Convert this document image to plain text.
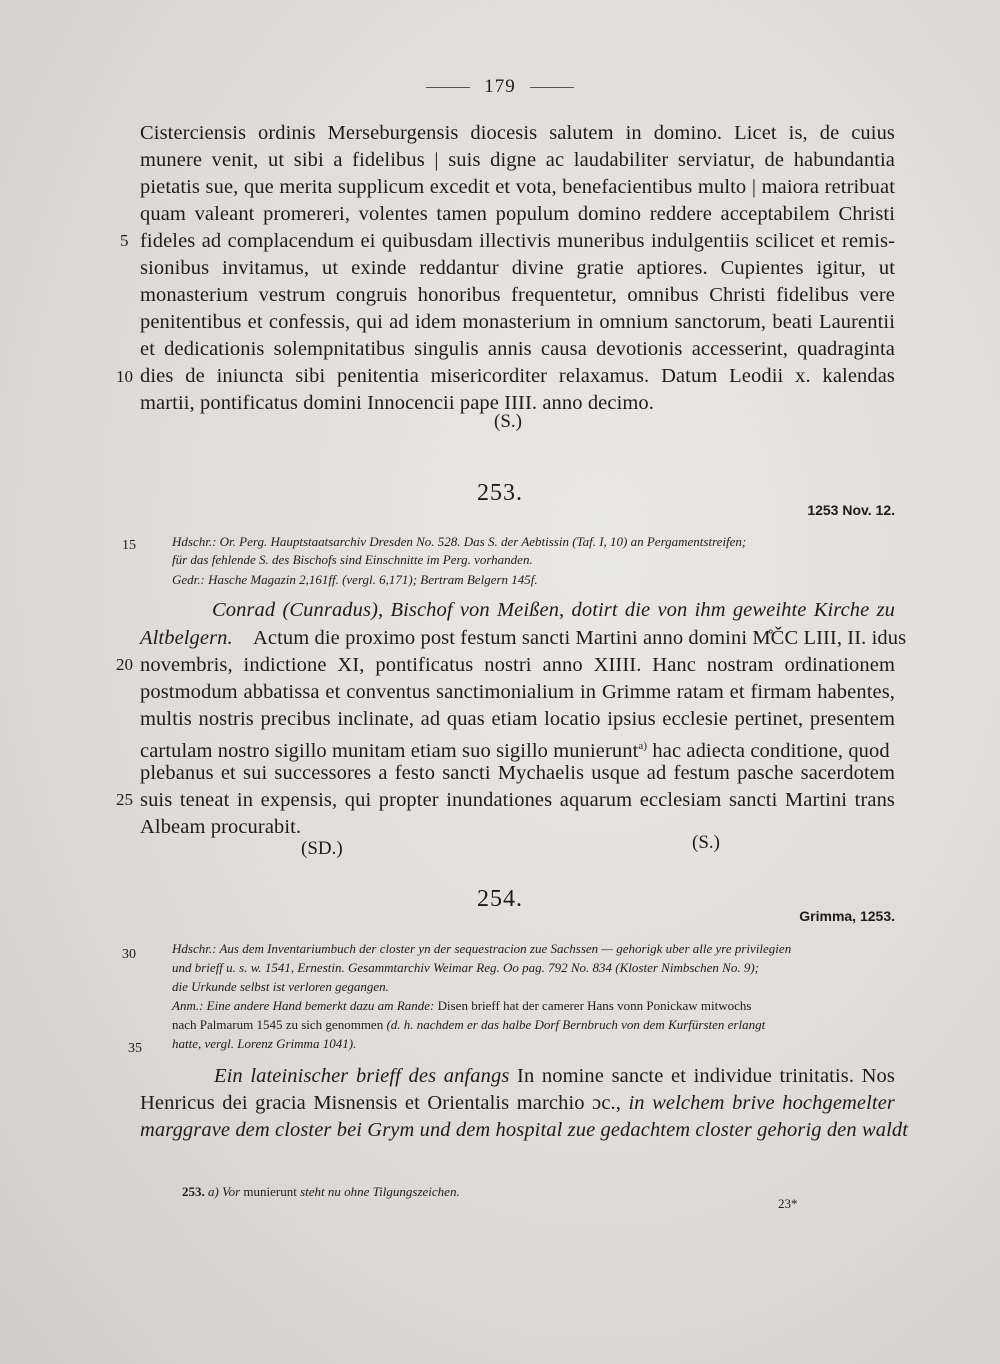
179

Cisterciensis ordinis Merseburgensis diocesis salutem in domino. Licet is, de cuius

munere venit, ut sibi a fidelibus | suis digne ac laudabiliter serviatur, de habundantia

pietatis sue, que merita supplicum excedit et vota, benefacientibus multo | maiora retribuat

quam valeant promereri, volentes tamen populum domino reddere acceptabilem Christi

5 fideles ad complacendum ei quibusdam illectivis muneribus indulgentiis scilicet et remis-

sionibus invitamus, ut exinde reddantur divine gratie aptiores. Cupientes igitur, ut

monasterium vestrum congruis honoribus frequentetur, omnibus Christi fidelibus vere

penitentibus et confessis, qui ad idem monasterium in omnium sanctorum, beati Laurentii

et dedicationis solempnitatibus singulis annis causa devotionis accesserint, quadraginta

10 dies de iniuncta sibi penitentia misericorditer relaxamus. Datum Leodii x. kalendas

martii, pontificatus domini Innocencii pape IIII. anno decimo.

(S.)
253.
1253 Nov. 12.
15	Hdschr.: Or. Perg. Hauptstaatsarchiv Dresden No. 528. Das S. der Aebtissin (Taf. I, 10) an Pergamentstreifen;

für das fehlende S. des Bischofs sind Einschnitte im Perg. vorhanden.

Gedr.: Hasche Magazin 2,161ff. (vergl. 6,171); Bertram Belgern 145f.

Conrad (Cunradus), Bischof von Meißen, dotirt die von ihm geweihte Kirche zu

Altbelgern. Actum die proximo post festum sancti Martini anno domini M̊ČC LIII, II. idus

20 novembris, indictione XI, pontificatus nostri anno XIIII. Hanc nostram ordinationem

postmodum abbatissa et conventus sanctimonialium in Grimme ratam et firmam habentes,

multis nostris precibus inclinate, ad quas etiam locatio ipsius ecclesie pertinet, presentem

cartulam nostro sigillo munitam etiam suo sigillo munierunt$^{a)}$ hac adiecta conditione, quod

plebanus et sui successores a festo sancti Mychaelis usque ad festum pasche sacerdotem

25 suis teneat in expensis, qui propter inundationes aquarum ecclesiam sancti Martini trans

Albeam procurabit.

(SD.)	(S.)
254.
Grimma, 1253.
30	Hdschr.: Aus dem Inventariumbuch der closter yn der sequestracion zue Sachssen — gehorigk uber alle yre privilegien

und brieff u. s. w. 1541, Ernestin. Gesammtarchiv Weimar Reg. Oo pag. 792 No. 834 (Kloster Nimbschen No. 9);

die Urkunde selbst ist verloren gegangen.

Anm.: Eine andere Hand bemerkt dazu am Rande: Disen brieff hat der camerer Hans vonn Ponickaw mitwochs

nach Palmarum 1545 zu sich genommen (d. h. nachdem er das halbe Dorf Bernbruch von dem Kurfürsten erlangt

35 hatte, vergl. Lorenz Grimma 1041).

Ein lateinischer brieff des anfangs In nomine sancte et individue trinitatis. Nos

Henricus dei gracia Misnensis et Orientalis marchio ɔc., in welchem brive hochgemelter

marggrave dem closter bei Grym und dem hospital zue gedachtem closter gehorig den waldt

253. a) Vor munierunt steht nu ohne Tilgungszeichen.

23*
